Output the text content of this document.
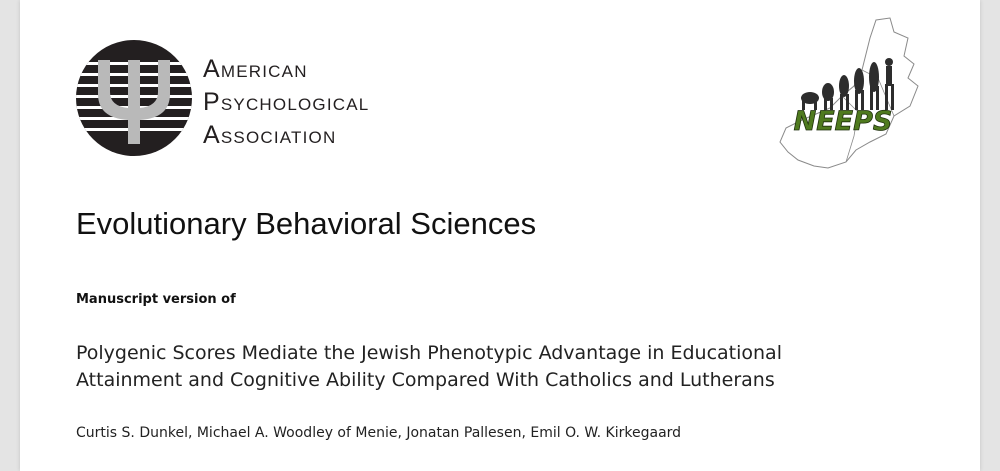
AMERICAN
PSYCHOLOGICAL
ASSOCIATION
NEEPS
Evolutionary Behavioral Sciences
Manuscript version of
Polygenic Scores Mediate the Jewish Phenotypic Advantage in Educational
Attainment and Cognitive Ability Compared With Catholics and Lutherans
Curtis S. Dunkel, Michael A. Woodley of Menie, Jonatan Pallesen, Emil O. W. Kirkegaard
